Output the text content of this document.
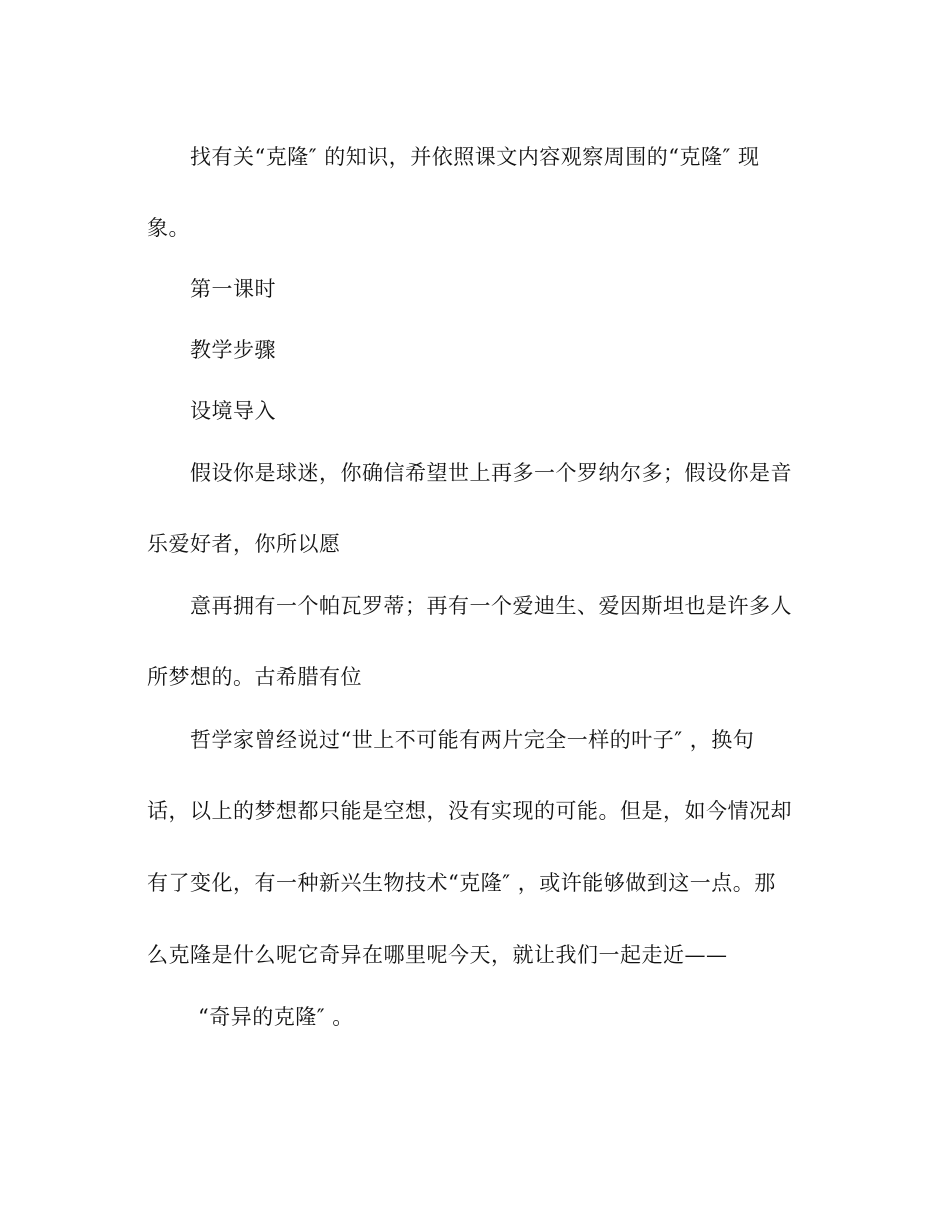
找有关“克隆″ 的知识，并依照课文内容观察周围的“克隆″ 现
象。
第一课时
教学步骤
设境导入
假设你是球迷，你确信希望世上再多一个罗纳尔多；假设你是音
乐爱好者，你所以愿
意再拥有一个帕瓦罗蒂；再有一个爱迪生、爱因斯坦也是许多人
所梦想的。古希腊有位
哲学家曾经说过“世上不可能有两片完全一样的叶子″ ，换句
话，以上的梦想都只能是空想，没有实现的可能。但是，如今情况却
有了变化，有一种新兴生物技术“克隆″ ，或许能够做到这一点。那
么克隆是什么呢它奇异在哪里呢今天，就让我们一起走近——
“奇异的克隆″ 。
